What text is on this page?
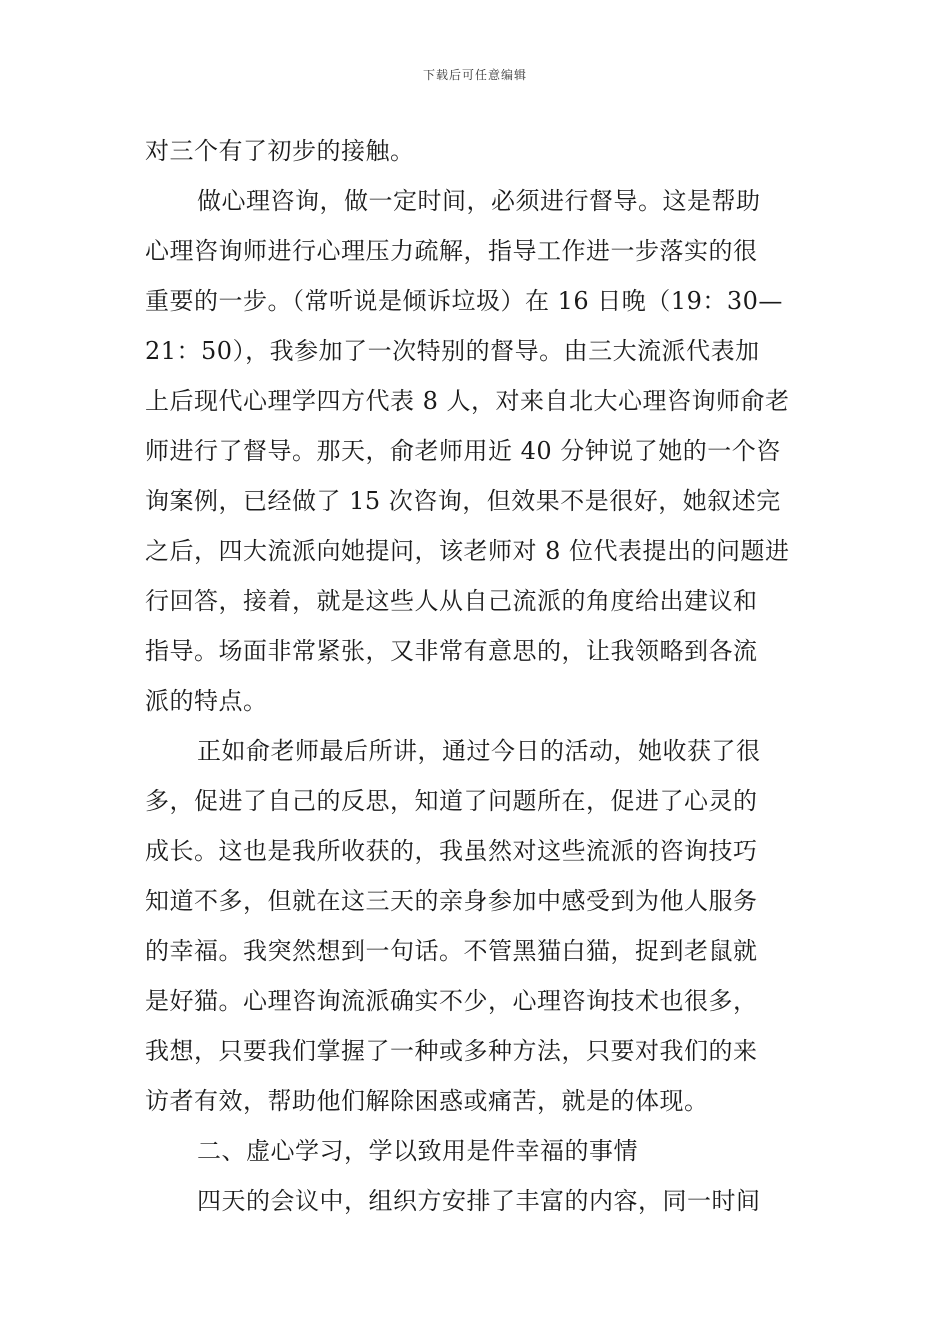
下载后可任意编辑
对三个有了初步的接触。
做心理咨询，做一定时间，必须进行督导。这是帮助
心理咨询师进行心理压力疏解，指导工作进一步落实的很
重要的一步。（常听说是倾诉垃圾）在 16 日晚（19：30—
21：50），我参加了一次特别的督导。由三大流派代表加
上后现代心理学四方代表 8 人，对来自北大心理咨询师俞老
师进行了督导。那天，俞老师用近 40 分钟说了她的一个咨
询案例，已经做了 15 次咨询，但效果不是很好，她叙述完
之后，四大流派向她提问，该老师对 8 位代表提出的问题进
行回答，接着，就是这些人从自己流派的角度给出建议和
指导。场面非常紧张，又非常有意思的，让我领略到各流
派的特点。
正如俞老师最后所讲，通过今日的活动，她收获了很
多，促进了自己的反思，知道了问题所在，促进了心灵的
成长。这也是我所收获的，我虽然对这些流派的咨询技巧
知道不多，但就在这三天的亲身参加中感受到为他人服务
的幸福。我突然想到一句话。不管黑猫白猫，捉到老鼠就
是好猫。心理咨询流派确实不少，心理咨询技术也很多，
我想，只要我们掌握了一种或多种方法，只要对我们的来
访者有效，帮助他们解除困惑或痛苦，就是的体现。
二、虚心学习，学以致用是件幸福的事情
四天的会议中，组织方安排了丰富的内容，同一时间
